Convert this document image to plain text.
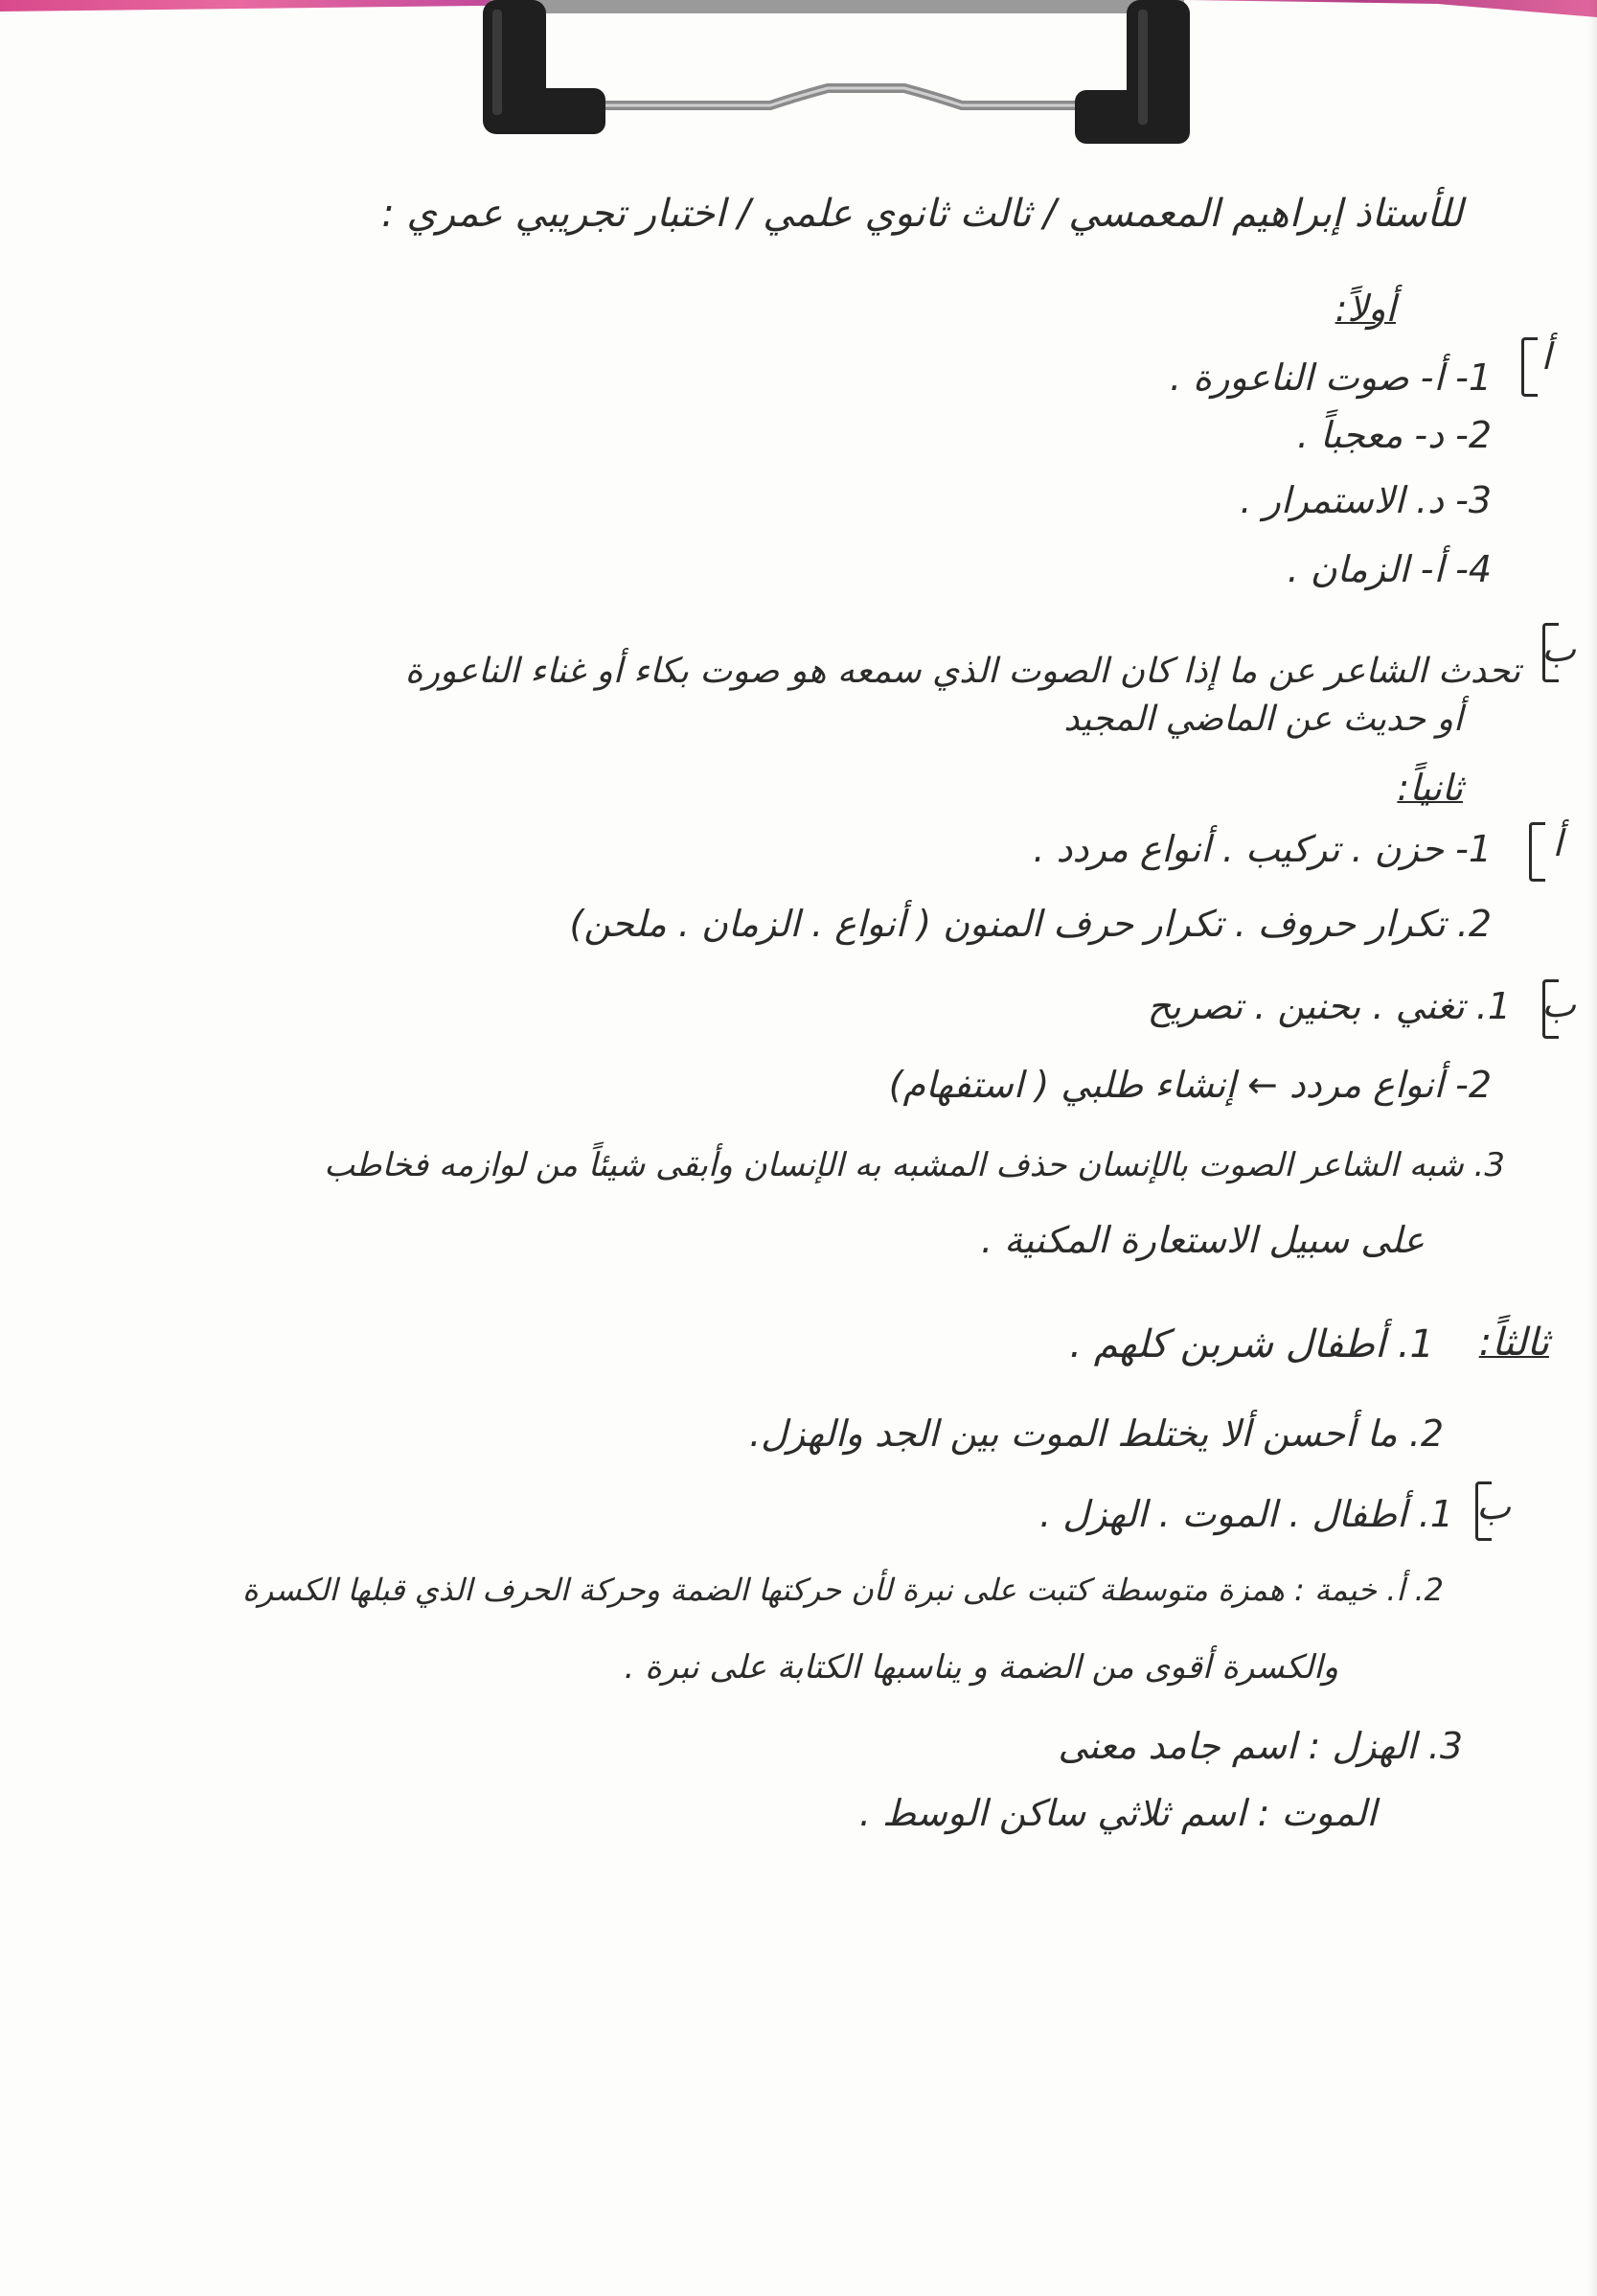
للأستاذ إبراهيم المعمسي / ثالث ثانوي علمي / اختبار تجريبي عمري :
أولاً:
أ
1- أ- صوت الناعورة .
2- د- معجباً .
3- د. الاستمرار .
4- أ- الزمان .
ب
تحدث الشاعر عن ما إذا كان الصوت الذي سمعه هو صوت بكاء أو غناء الناعورة
أو حديث عن الماضي المجيد
ثانياً:
أ
1- حزن . تركيب . أنواع مردد .
2. تكرار حروف . تكرار حرف المنون ( أنواع . الزمان . ملحن)
ب
1. تغني . بحنين . تصريح
2- أنواع مردد ← إنشاء طلبي ( استفهام)
3. شبه الشاعر الصوت بالإنسان حذف المشبه به الإنسان وأبقى شيئاً من لوازمه فخاطب
على سبيل الاستعارة المكنية .
ثالثاً:
1. أطفال شربن كلهم .
2. ما أحسن ألا يختلط الموت بين الجد والهزل.
ب
1. أطفال . الموت . الهزل .
2. أ. خيمة : همزة متوسطة كتبت على نبرة لأن حركتها الضمة وحركة الحرف الذي قبلها الكسرة
والكسرة أقوى من الضمة و يناسبها الكتابة على نبرة .
3. الهزل : اسم جامد معنى
الموت : اسم ثلاثي ساكن الوسط .
